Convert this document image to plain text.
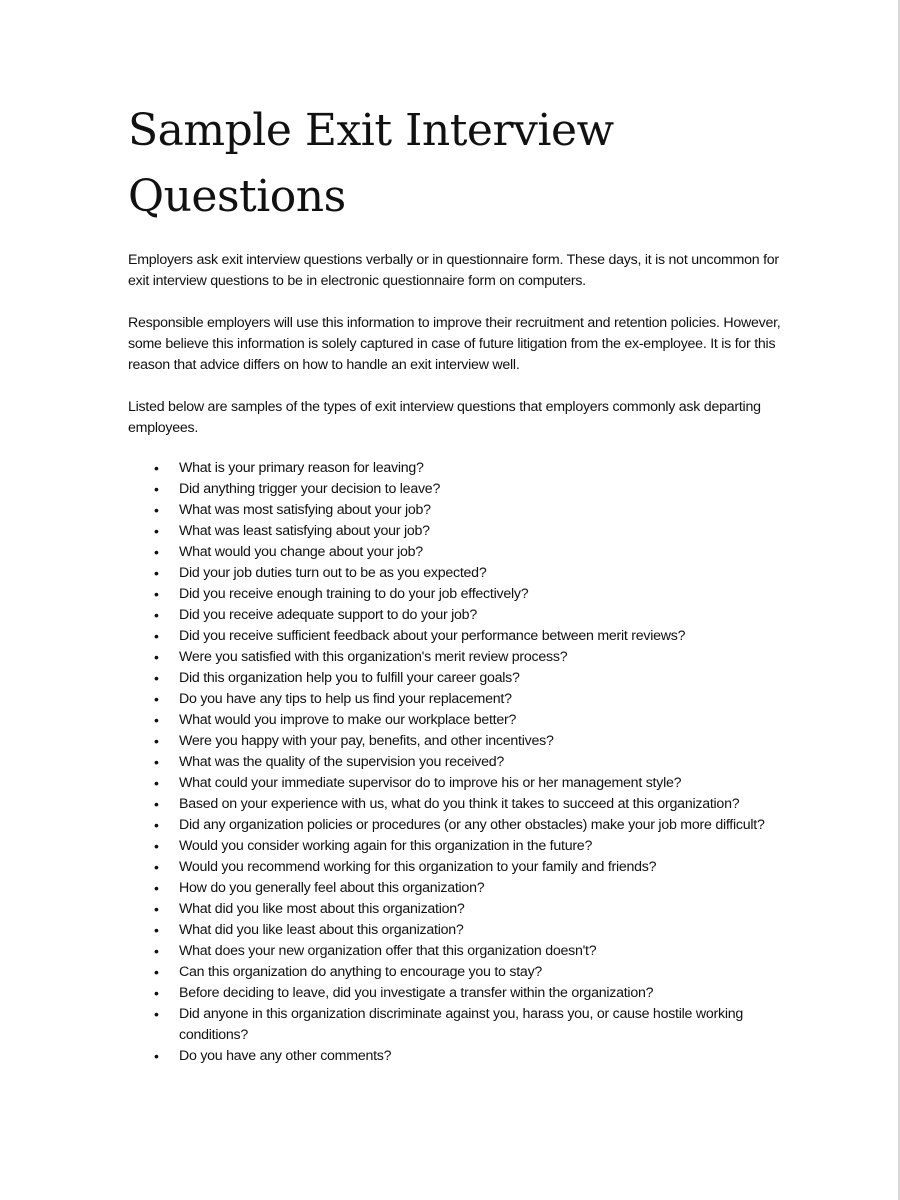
Sample Exit Interview
Questions

Employers ask exit interview questions verbally or in questionnaire form. These days, it is not uncommon for exit interview questions to be in electronic questionnaire form on computers.

Responsible employers will use this information to improve their recruitment and retention policies. However, some believe this information is solely captured in case of future litigation from the ex-employee. It is for this reason that advice differs on how to handle an exit interview well.

Listed below are samples of the types of exit interview questions that employers commonly ask departing employees.

• What is your primary reason for leaving?
• Did anything trigger your decision to leave?
• What was most satisfying about your job?
• What was least satisfying about your job?
• What would you change about your job?
• Did your job duties turn out to be as you expected?
• Did you receive enough training to do your job effectively?
• Did you receive adequate support to do your job?
• Did you receive sufficient feedback about your performance between merit reviews?
• Were you satisfied with this organization's merit review process?
• Did this organization help you to fulfill your career goals?
• Do you have any tips to help us find your replacement?
• What would you improve to make our workplace better?
• Were you happy with your pay, benefits, and other incentives?
• What was the quality of the supervision you received?
• What could your immediate supervisor do to improve his or her management style?
• Based on your experience with us, what do you think it takes to succeed at this organization?
• Did any organization policies or procedures (or any other obstacles) make your job more difficult?
• Would you consider working again for this organization in the future?
• Would you recommend working for this organization to your family and friends?
• How do you generally feel about this organization?
• What did you like most about this organization?
• What did you like least about this organization?
• What does your new organization offer that this organization doesn't?
• Can this organization do anything to encourage you to stay?
• Before deciding to leave, did you investigate a transfer within the organization?
• Did anyone in this organization discriminate against you, harass you, or cause hostile working conditions?
• Do you have any other comments?
